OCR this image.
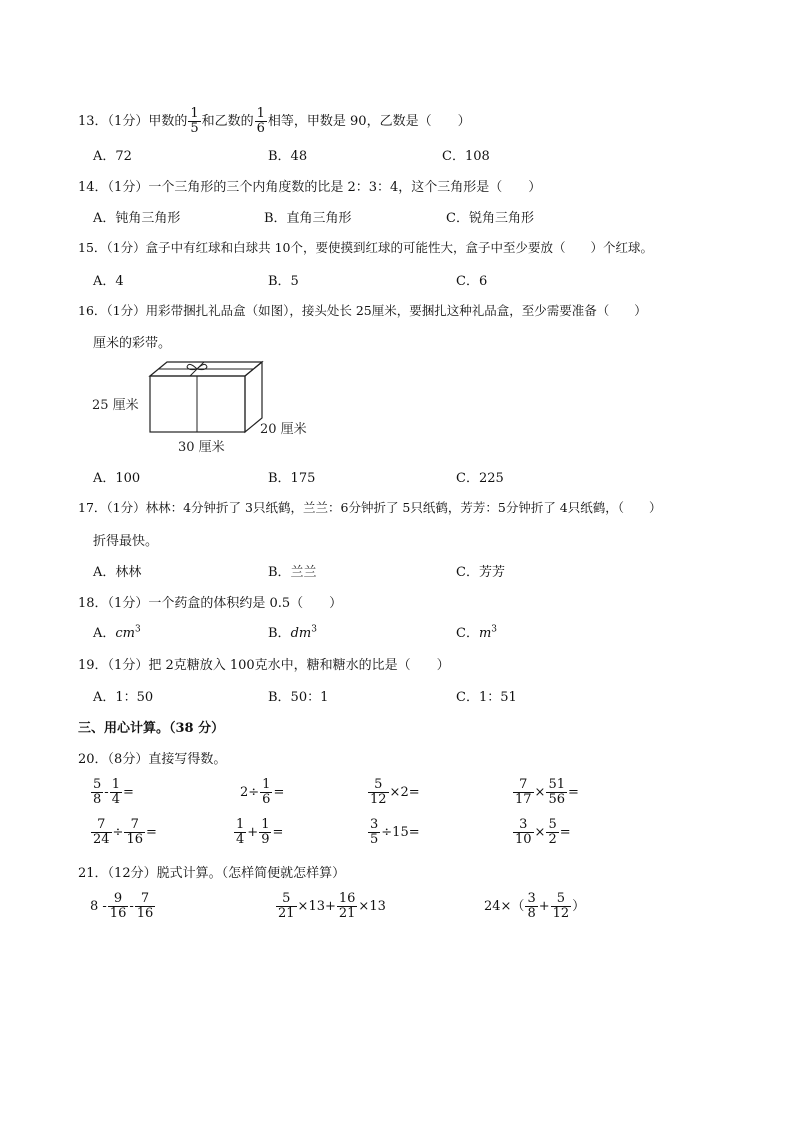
13．（1分）甲数的 $\frac{1}{5}$ 和乙数的 $\frac{1}{6}$ 相等，甲数是 90，乙数是（　　）
A．72	B．48	C．108
14．（1分）一个三角形的三个内角度数的比是 2：3：4，这个三角形是（　　）
A．钝角三角形	B．直角三角形	C．锐角三角形
15．（1分）盒子中有红球和白球共 10个，要使摸到红球的可能性大，盒子中至少要放（　　）个红球。
A．4	B．5	C．6
16．（1分）用彩带捆扎礼品盒（如图），接头处长 25厘米，要捆扎这种礼品盒，至少需要准备（　　）
厘米的彩带。
25 厘米
30 厘米
20 厘米
A．100	B．175	C．225
17．（1分）林林：4分钟折了 3只纸鹤，兰兰：6分钟折了 5只纸鹤，芳芳：5分钟折了 4只纸鹤，（　　）
折得最快。
A．林林	B．兰兰	C．芳芳
18．（1分）一个药盒的体积约是 0.5（　　）
A．$cm^3$	B．$dm^3$	C．$m^3$
19．（1分）把 2克糖放入 100克水中，糖和糖水的比是（　　）
A．1：50	B．50：1	C．1：51
三、用心计算。（38 分）
20．（8分）直接写得数。
$\frac{5}{8} - \frac{1}{4}$ =	$2\div \frac{1}{6}$ =	$\frac{5}{12} \times 2=$	$\frac{7}{17} \times \frac{51}{56}$ =
$\frac{7}{24} \div \frac{7}{16}$ =	$\frac{1}{4} + \frac{1}{9}$ =	$\frac{3}{5} \div 15=$	$\frac{3}{10} \times \frac{5}{2}$ =
21．（12分）脱式计算。（怎样简便就怎样算）
$8 - \frac{9}{16} - \frac{7}{16}$	$\frac{5}{21} \times 13+ \frac{16}{21} \times 13$	$24\times( \frac{3}{8} + \frac{5}{12}$ ）
